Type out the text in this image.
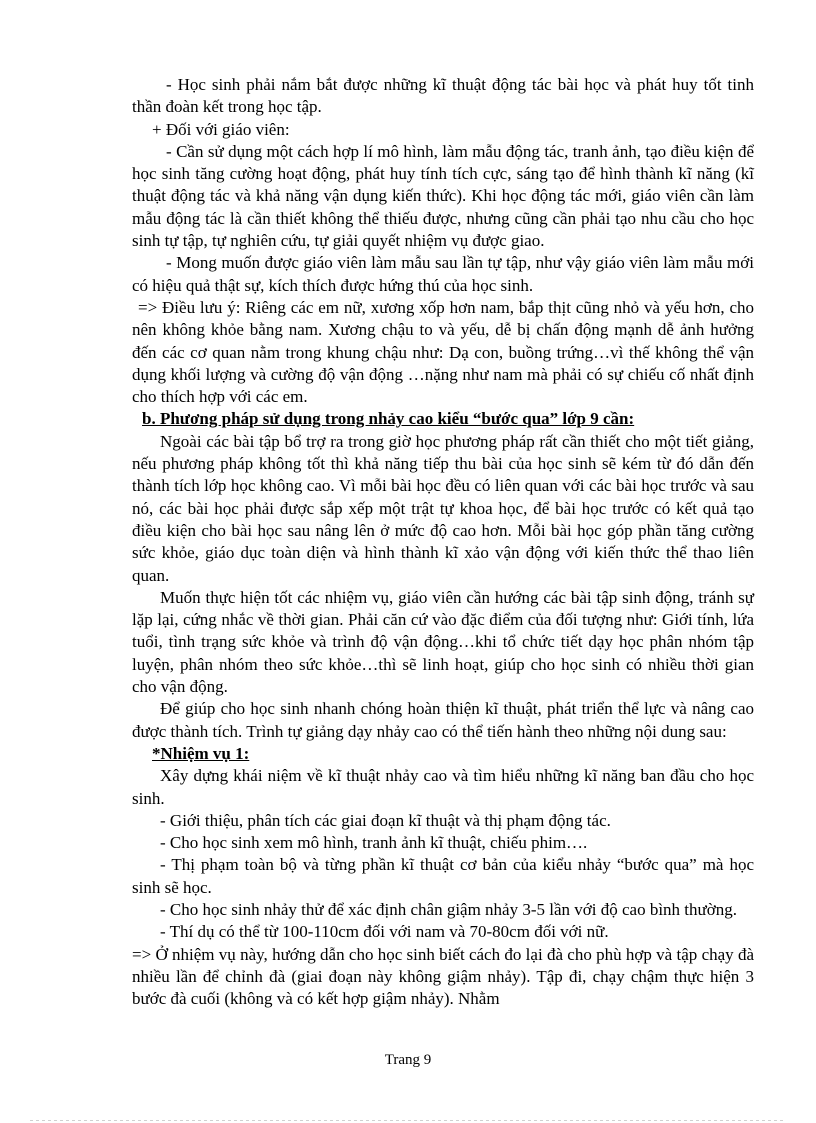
- Học sinh phải nắm bắt được những kĩ thuật động tác bài học và phát huy tốt tinh thần đoàn kết trong học tập.

+ Đối với giáo viên:

- Cần sử dụng một cách hợp lí mô hình, làm mẫu động tác, tranh ảnh, tạo điều kiện để học sinh tăng cường hoạt động, phát huy tính tích cực, sáng tạo để hình thành kĩ năng (kĩ thuật động tác và khả năng vận dụng kiến thức). Khi học động tác mới, giáo viên cần làm mẫu động tác là cần thiết không thể thiếu được, nhưng cũng cần phải tạo nhu cầu cho học sinh tự tập, tự nghiên cứu, tự giải quyết nhiệm vụ được giao.

- Mong muốn được giáo viên làm mẫu sau lần tự tập, như vậy giáo viên làm mẫu mới có hiệu quả thật sự, kích thích được hứng thú của học sinh.

=> Điều lưu ý: Riêng các em nữ, xương xốp hơn nam, bắp thịt cũng nhỏ và yếu hơn, cho nên không khỏe bằng nam. Xương chậu to và yếu, dễ bị chấn động mạnh dễ ảnh hưởng đến các cơ quan nằm trong khung chậu như: Dạ con, buồng trứng…vì thế không thể vận dụng khối lượng và cường độ vận động …nặng như nam mà phải có sự chiếu cố nhất định cho thích hợp với các em.

b. Phương pháp sử dụng trong nhảy cao kiểu “bước qua” lớp 9 cần:

Ngoài các bài tập bổ trợ ra trong giờ học phương pháp rất cần thiết cho một tiết giảng, nếu phương pháp không tốt thì khả năng tiếp thu bài của học sinh sẽ kém từ đó dẫn đến thành tích lớp học không cao. Vì mỗi bài học đều có liên quan với các bài học trước và sau nó, các bài học phải được sắp xếp một trật tự khoa học, để bài học trước có kết quả tạo điều kiện cho bài học sau nâng lên ở mức độ cao hơn. Mỗi bài học góp phần tăng cường sức khỏe, giáo dục toàn diện và hình thành kĩ xảo vận động với kiến thức thể thao liên quan.

Muốn thực hiện tốt các nhiệm vụ, giáo viên cần hướng các bài tập sinh động, tránh sự lặp lại, cứng nhắc về thời gian. Phải căn cứ vào đặc điểm của đối tượng như: Giới tính, lứa tuổi, tình trạng sức khỏe và trình độ vận động…khi tổ chức tiết dạy học phân nhóm tập luyện, phân nhóm theo sức khỏe…thì sẽ linh hoạt, giúp cho học sinh có nhiều thời gian cho vận động.

Để giúp cho học sinh nhanh chóng hoàn thiện kĩ thuật, phát triển thể lực và nâng cao được thành tích. Trình tự giảng dạy nhảy cao có thể tiến hành theo những nội dung sau:

*Nhiệm vụ 1:

Xây dựng khái niệm về kĩ thuật nhảy cao và tìm hiểu những kĩ năng ban đầu cho học sinh.

- Giới thiệu, phân tích các giai đoạn kĩ thuật và thị phạm động tác.

- Cho học sinh xem mô hình, tranh ảnh kĩ thuật, chiếu phim….

- Thị phạm toàn bộ và từng phần kĩ thuật cơ bản của kiểu nhảy “bước qua” mà học sinh sẽ học.

- Cho học sinh nhảy thử để xác định chân giậm nhảy 3-5 lần với độ cao bình thường.

- Thí dụ có thể từ 100-110cm đối với nam và 70-80cm đối với nữ.

=> Ở nhiệm vụ này, hướng dẫn cho học sinh biết cách đo lại đà cho phù hợp và tập chạy đà nhiều lần để chỉnh đà (giai đoạn này không giậm nhảy). Tập đi, chạy chậm thực hiện 3 bước đà cuối (không và có kết hợp giậm nhảy). Nhằm

Trang 9
